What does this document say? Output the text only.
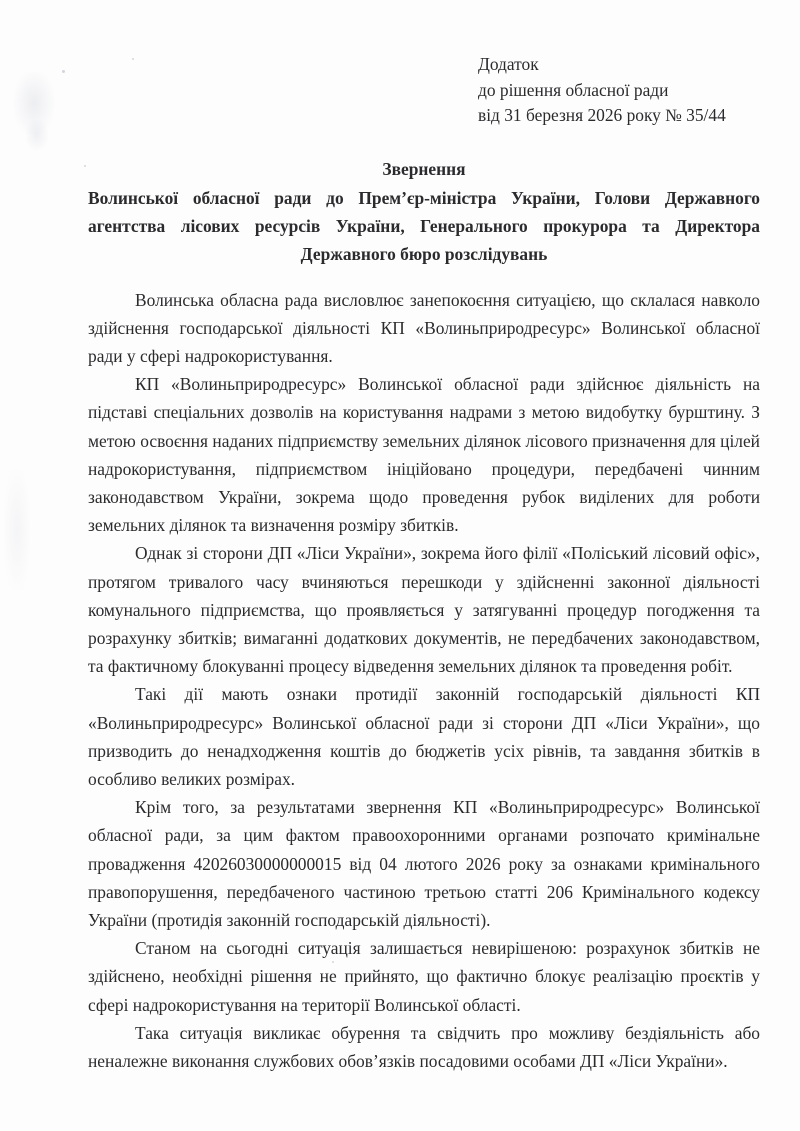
Додаток
до рішення обласної ради
від 31 березня 2026 року № 35/44
Звернення
Волинської обласної ради до Прем’єр-міністра України, Голови Державного агентства лісових ресурсів України, Генерального прокурора та Директора Державного бюро розслідувань

Волинська обласна рада висловлює занепокоєння ситуацією, що склалася навколо здійснення господарської діяльності КП «Волиньприродресурс» Волинської обласної ради у сфері надрокористування.

КП «Волиньприродресурс» Волинської обласної ради здійснює діяльність на підставі спеціальних дозволів на користування надрами з метою видобутку бурштину. З метою освоєння наданих підприємству земельних ділянок лісового призначення для цілей надрокористування, підприємством ініційовано процедури, передбачені чинним законодавством України, зокрема щодо проведення рубок виділених для роботи земельних ділянок та визначення розміру збитків.

Однак зі сторони ДП «Ліси України», зокрема його філії «Поліський лісовий офіс», протягом тривалого часу вчиняються перешкоди у здійсненні законної діяльності комунального підприємства, що проявляється у затягуванні процедур погодження та розрахунку збитків; вимаганні додаткових документів, не передбачених законодавством, та фактичному блокуванні процесу відведення земельних ділянок та проведення робіт.

Такі дії мають ознаки протидії законній господарській діяльності КП «Волиньприродресурс» Волинської обласної ради зі сторони ДП «Ліси України», що призводить до ненадходження коштів до бюджетів усіх рівнів, та завдання збитків в особливо великих розмірах.

Крім того, за результатами звернення КП «Волиньприродресурс» Волинської обласної ради, за цим фактом правоохоронними органами розпочато кримінальне провадження 42026030000000015 від 04 лютого 2026 року за ознаками кримінального правопорушення, передбаченого частиною третьою статті 206 Кримінального кодексу України (протидія законній господарській діяльності).

Станом на сьогодні ситуація залишається невирішеною: розрахунок збитків не здійснено, необхідні рішення не прийнято, що фактично блокує реалізацію проєктів у сфері надрокористування на території Волинської області.

Така ситуація викликає обурення та свідчить про можливу бездіяльність або неналежне виконання службових обов’язків посадовими особами ДП «Ліси України».
